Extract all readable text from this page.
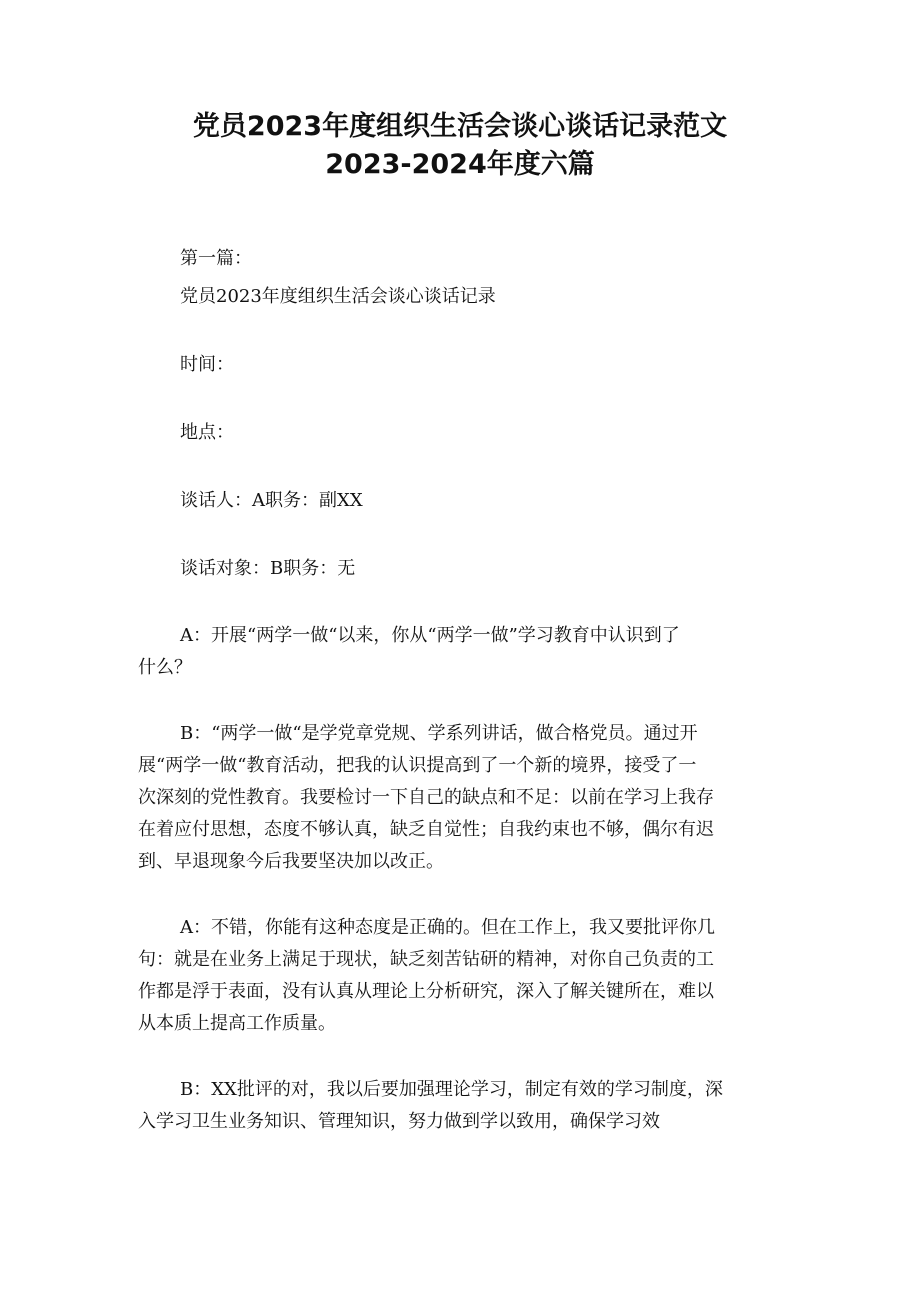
党员2023年度组织生活会谈心谈话记录范文
2023-2024年度六篇
第一篇：
党员2023年度组织生活会谈心谈话记录
时间：
地点：
谈话人：A职务：副XX
谈话对象：B职务：无
A：开展“两学一做“以来，你从“两学一做”学习教育中认识到了
什么？
B：“两学一做“是学党章党规、学系列讲话，做合格党员。通过开
展“两学一做“教育活动，把我的认识提高到了一个新的境界，接受了一
次深刻的党性教育。我要检讨一下自己的缺点和不足：以前在学习上我存
在着应付思想，态度不够认真，缺乏自觉性；自我约束也不够，偶尔有迟
到、早退现象今后我要坚决加以改正。
A：不错，你能有这种态度是正确的。但在工作上，我又要批评你几
句：就是在业务上满足于现状，缺乏刻苦钻研的精神，对你自己负责的工
作都是浮于表面，没有认真从理论上分析研究，深入了解关键所在，难以
从本质上提高工作质量。
B：XX批评的对，我以后要加强理论学习，制定有效的学习制度，深
入学习卫生业务知识、管理知识，努力做到学以致用，确保学习效
